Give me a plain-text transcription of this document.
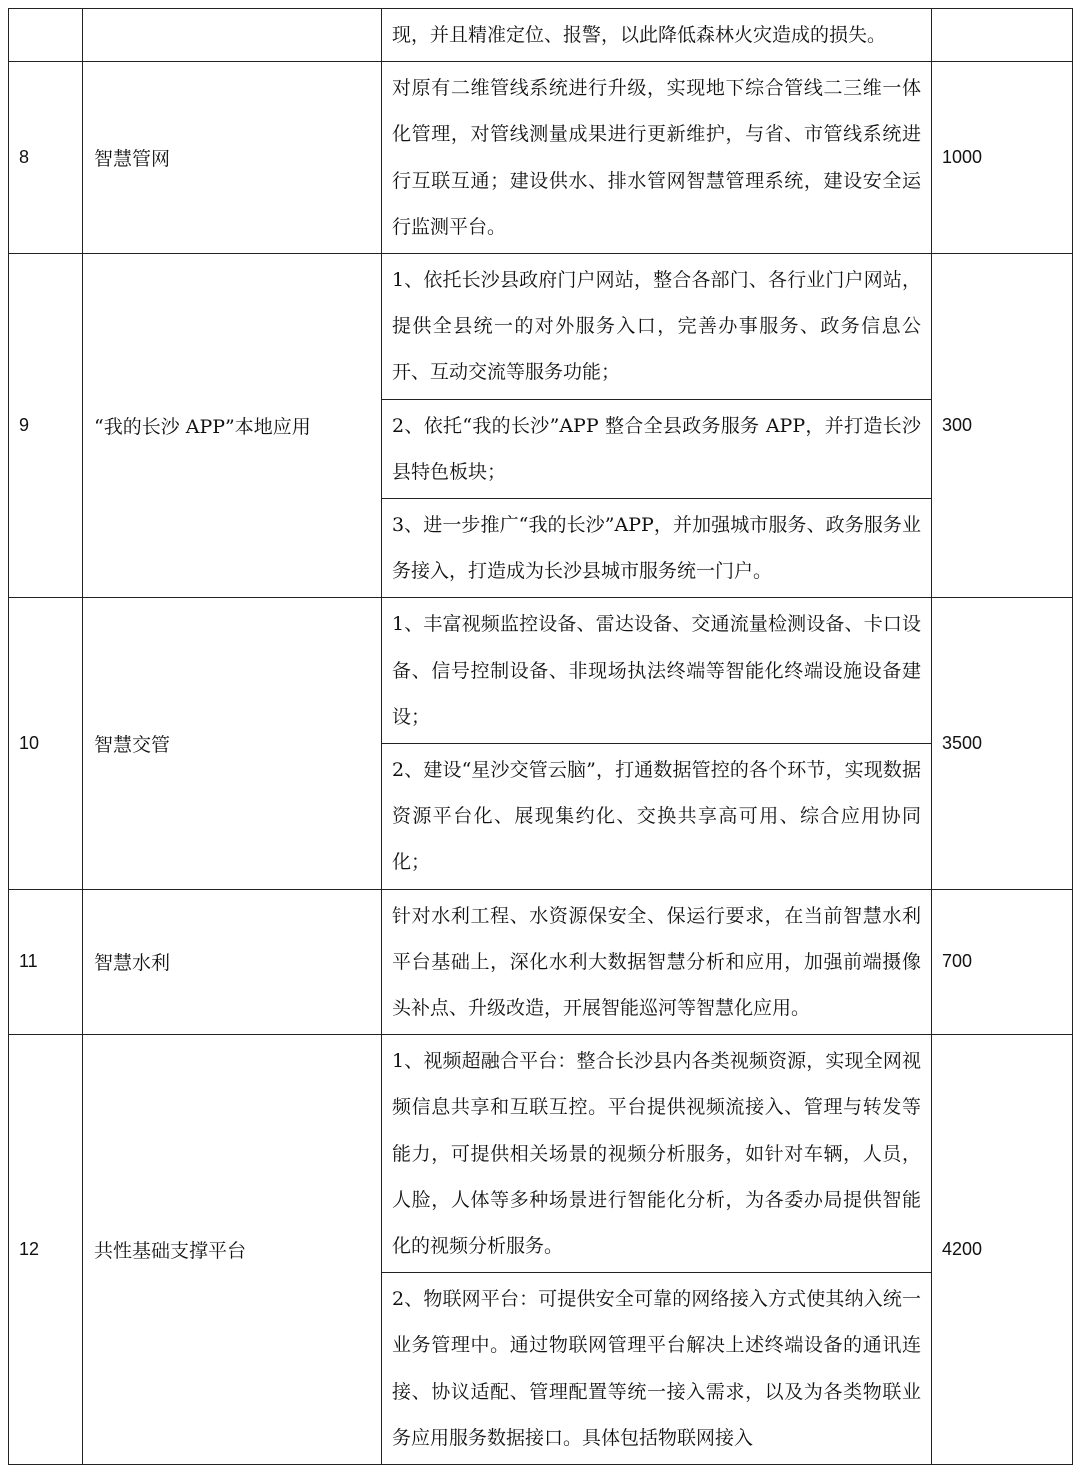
		现，并且精准定位、报警，以此降低森林火灾造成的损失。	

8	智慧管网	对原有二维管线系统进行升级，实现地下综合管线二三维一体化管理，对管线测量成果进行更新维护，与省、市管线系统进行互联互通；建设供水、排水管网智慧管理系统，建设安全运行监测平台。	1000
9	“我的长沙 APP”本地应用	1、依托长沙县政府门户网站，整合各部门、各行业门户网站，提供全县统一的对外服务入口，完善办事服务、政务信息公开、互动交流等服务功能；
2、依托“我的长沙”APP 整合全县政务服务 APP，并打造长沙县特色板块；
3、进一步推广“我的长沙”APP，并加强城市服务、政务服务业务接入，打造成为长沙县城市服务统一门户。	300
10	智慧交管	1、丰富视频监控设备、雷达设备、交通流量检测设备、卡口设备、信号控制设备、非现场执法终端等智能化终端设施设备建设；
2、建设“星沙交管云脑”，打通数据管控的各个环节，实现数据资源平台化、展现集约化、交换共享高可用、综合应用协同化；	3500
11	智慧水利	针对水利工程、水资源保安全、保运行要求，在当前智慧水利平台基础上，深化水利大数据智慧分析和应用，加强前端摄像头补点、升级改造，开展智能巡河等智慧化应用。	700
12	共性基础支撑平台	1、视频超融合平台：整合长沙县内各类视频资源，实现全网视频信息共享和互联互控。平台提供视频流接入、管理与转发等能力，可提供相关场景的视频分析服务，如针对车辆，人员，人脸，人体等多种场景进行智能化分析，为各委办局提供智能化的视频分析服务。
2、物联网平台：可提供安全可靠的网络接入方式使其纳入统一业务管理中。通过物联网管理平台解决上述终端设备的通讯连接、协议适配、管理配置等统一接入需求，以及为各类物联业务应用服务数据接口。具体包括物联网接入	4200
